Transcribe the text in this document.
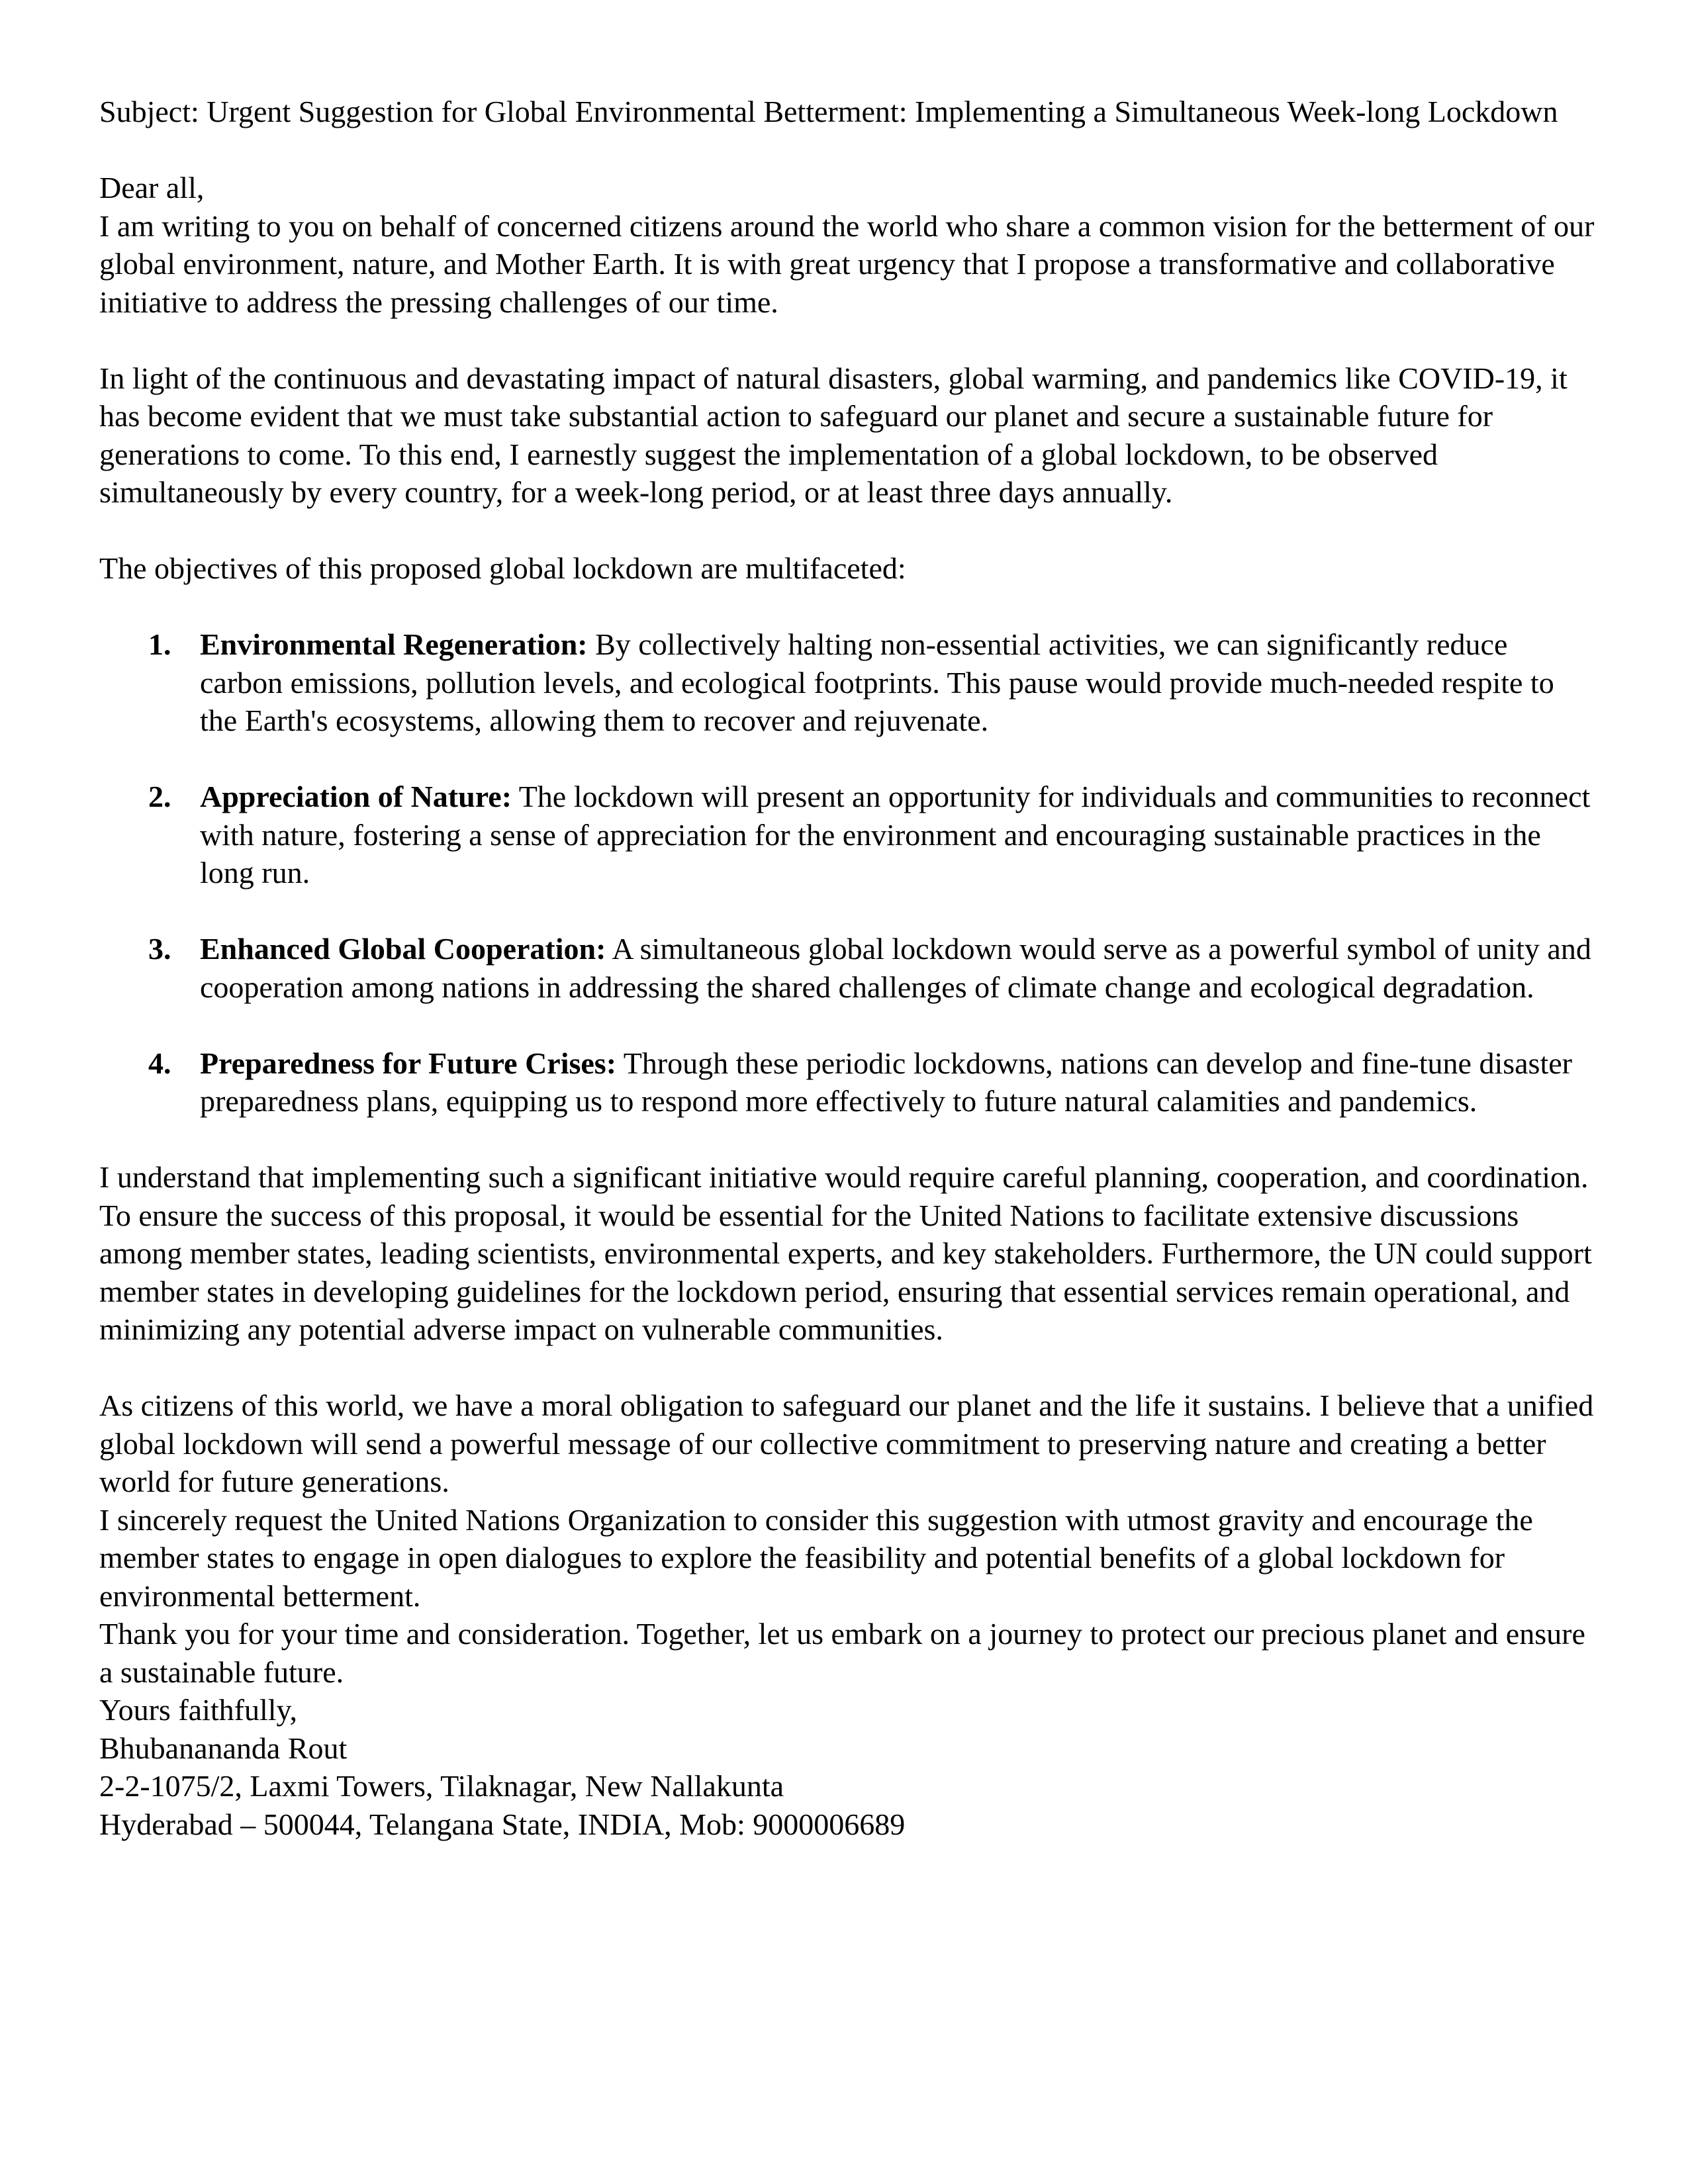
Subject: Urgent Suggestion for Global Environmental Betterment: Implementing a Simultaneous Week-long Lockdown

Dear all,

I am writing to you on behalf of concerned citizens around the world who share a common vision for the betterment of our global environment, nature, and Mother Earth. It is with great urgency that I propose a transformative and collaborative initiative to address the pressing challenges of our time.

In light of the continuous and devastating impact of natural disasters, global warming, and pandemics like COVID-19, it has become evident that we must take substantial action to safeguard our planet and secure a sustainable future for generations to come. To this end, I earnestly suggest the implementation of a global lockdown, to be observed simultaneously by every country, for a week-long period, or at least three days annually.

The objectives of this proposed global lockdown are multifaceted:

1. Environmental Regeneration: By collectively halting non-essential activities, we can significantly reduce carbon emissions, pollution levels, and ecological footprints. This pause would provide much-needed respite to the Earth's ecosystems, allowing them to recover and rejuvenate.
2. Appreciation of Nature: The lockdown will present an opportunity for individuals and communities to reconnect with nature, fostering a sense of appreciation for the environment and encouraging sustainable practices in the long run.
3. Enhanced Global Cooperation: A simultaneous global lockdown would serve as a powerful symbol of unity and cooperation among nations in addressing the shared challenges of climate change and ecological degradation.
4. Preparedness for Future Crises: Through these periodic lockdowns, nations can develop and fine-tune disaster preparedness plans, equipping us to respond more effectively to future natural calamities and pandemics.

I understand that implementing such a significant initiative would require careful planning, cooperation, and coordination. To ensure the success of this proposal, it would be essential for the United Nations to facilitate extensive discussions among member states, leading scientists, environmental experts, and key stakeholders. Furthermore, the UN could support member states in developing guidelines for the lockdown period, ensuring that essential services remain operational, and minimizing any potential adverse impact on vulnerable communities.

As citizens of this world, we have a moral obligation to safeguard our planet and the life it sustains. I believe that a unified global lockdown will send a powerful message of our collective commitment to preserving nature and creating a better world for future generations.

I sincerely request the United Nations Organization to consider this suggestion with utmost gravity and encourage the member states to engage in open dialogues to explore the feasibility and potential benefits of a global lockdown for environmental betterment.

Thank you for your time and consideration. Together, let us embark on a journey to protect our precious planet and ensure a sustainable future.

Yours faithfully,

Bhubanananda Rout

2-2-1075/2, Laxmi Towers, Tilaknagar, New Nallakunta

Hyderabad – 500044, Telangana State, INDIA, Mob: 9000006689
